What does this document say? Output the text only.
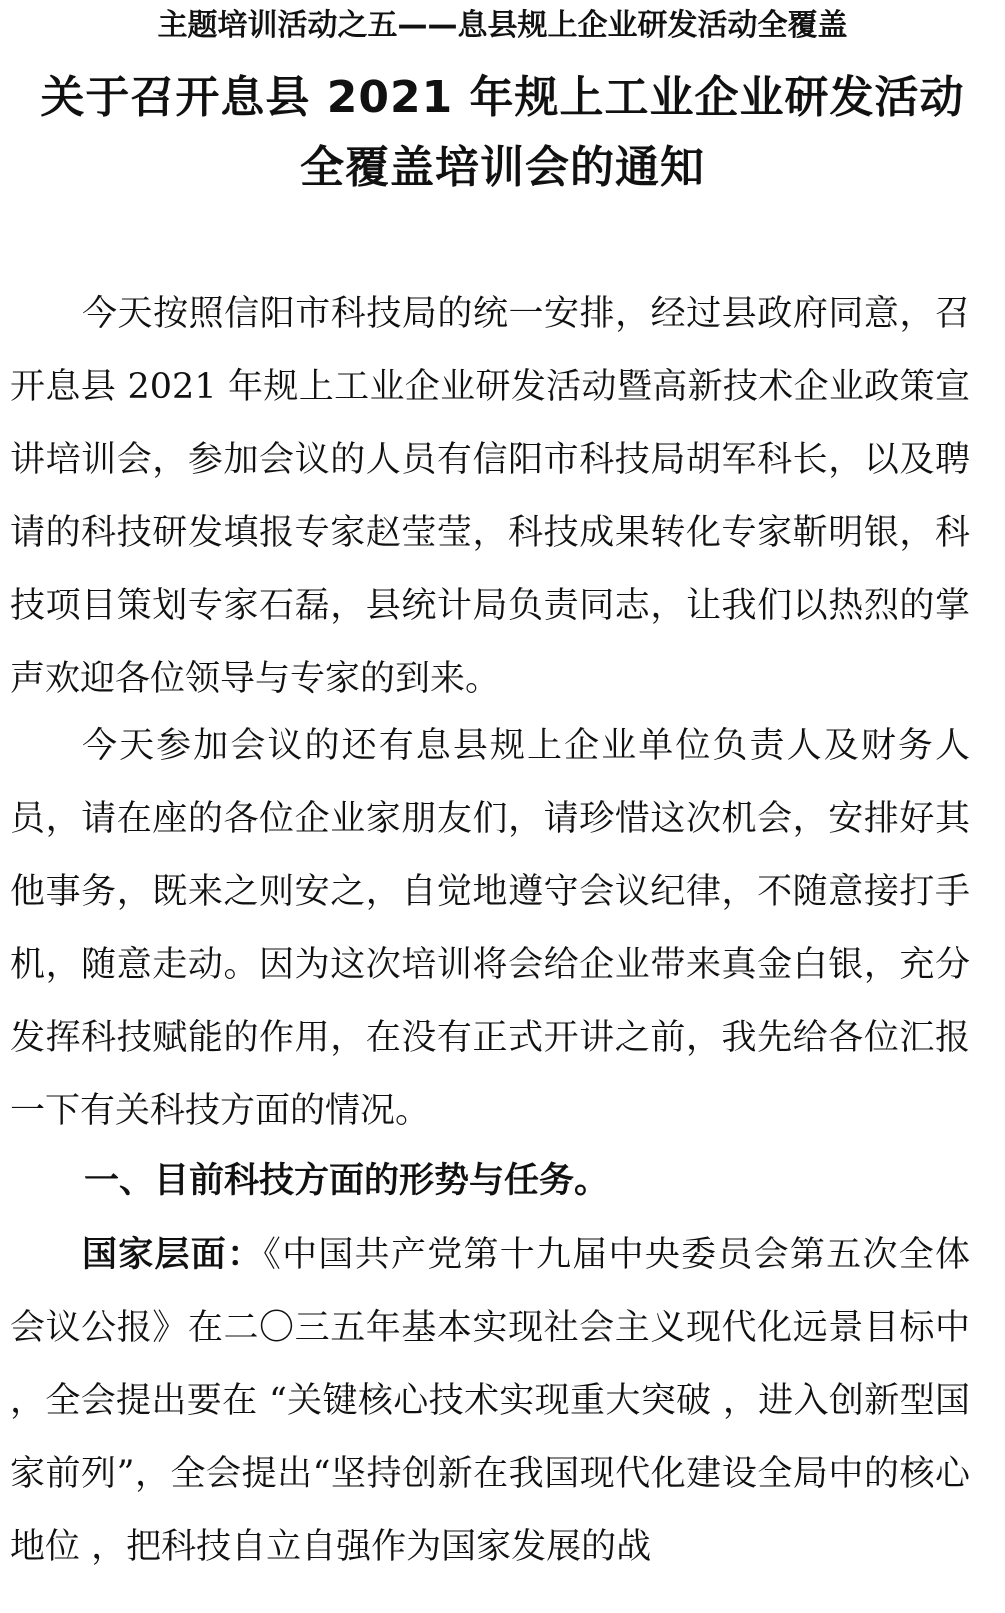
主题培训活动之五——息县规上企业研发活动全覆盖
关于召开息县 2021 年规上工业企业研发活动
全覆盖培训会的通知
今天按照信阳市科技局的统一安排，经过县政府同意，召开息县 2021 年规上工业企业研发活动暨高新技术企业政策宣讲培训会，参加会议的人员有信阳市科技局胡军科长，以及聘请的科技研发填报专家赵莹莹，科技成果转化专家靳明银，科技项目策划专家石磊，县统计局负责同志，让我们以热烈的掌声欢迎各位领导与专家的到来。
今天参加会议的还有息县规上企业单位负责人及财务人员，请在座的各位企业家朋友们，请珍惜这次机会，安排好其他事务，既来之则安之，自觉地遵守会议纪律，不随意接打手机，随意走动。因为这次培训将会给企业带来真金白银，充分发挥科技赋能的作用，在没有正式开讲之前，我先给各位汇报一下有关科技方面的情况。
一、目前科技方面的形势与任务。
国家层面：《中国共产党第十九届中央委员会第五次全体会议公报》在二〇三五年基本实现社会主义现代化远景目标中 ，全会提出要在 “关键核心技术实现重大突破 ，进入创新型国家前列”，全会提出“坚持创新在我国现代化建设全局中的核心地位 ，把科技自立自强作为国家发展的战
